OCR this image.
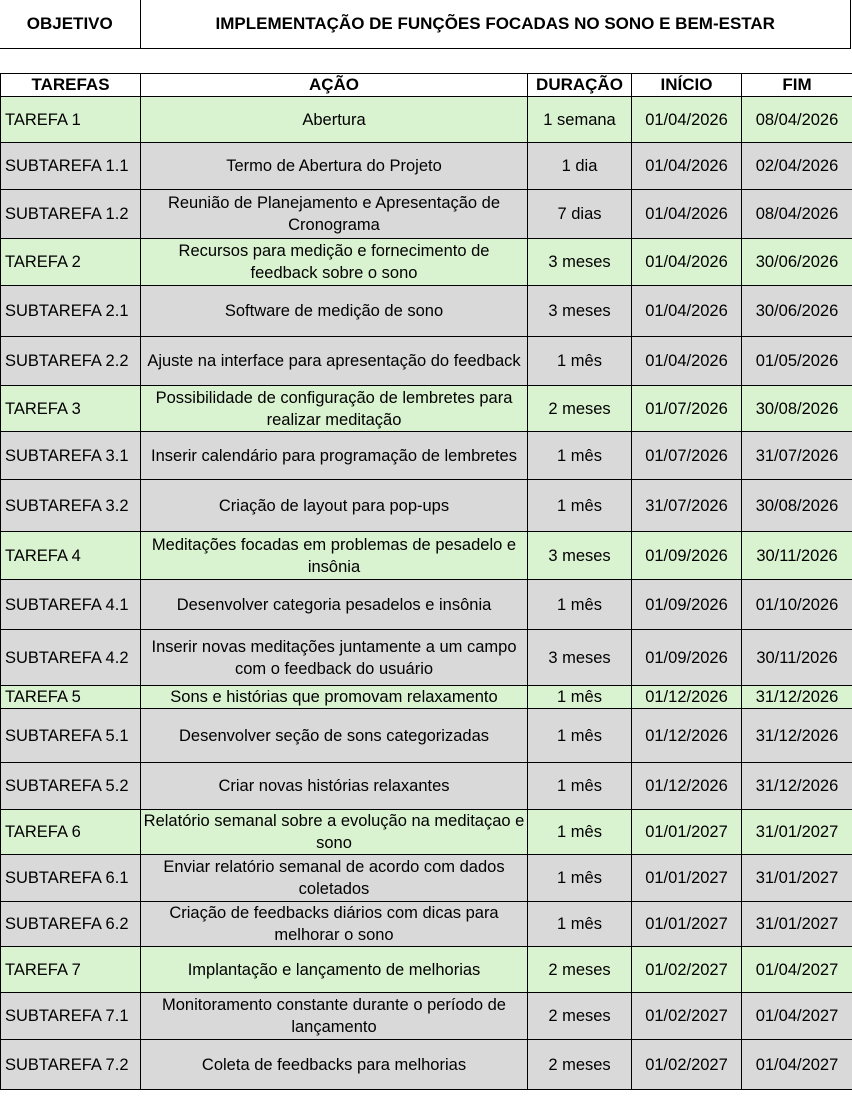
OBJETIVO	IMPLEMENTAÇÃO DE FUNÇÕES FOCADAS NO SONO E BEM-ESTAR
TAREFAS	AÇÃO	DURAÇÃO	INÍCIO	FIM
TAREFA 1	Abertura	1 semana	01/04/2026	08/04/2026
SUBTAREFA 1.1	Termo de Abertura do Projeto	1 dia	01/04/2026	02/04/2026
SUBTAREFA 1.2	Reunião de Planejamento e Apresentação de Cronograma	7 dias	01/04/2026	08/04/2026
TAREFA 2	Recursos para medição e fornecimento de feedback sobre o sono	3 meses	01/04/2026	30/06/2026
SUBTAREFA 2.1	Software de medição de sono	3 meses	01/04/2026	30/06/2026
SUBTAREFA 2.2	Ajuste na interface para apresentação do feedback	1 mês	01/04/2026	01/05/2026
TAREFA 3	Possibilidade de configuração de lembretes para realizar meditação	2 meses	01/07/2026	30/08/2026
SUBTAREFA 3.1	Inserir calendário para programação de lembretes	1 mês	01/07/2026	31/07/2026
SUBTAREFA 3.2	Criação de layout para pop-ups	1 mês	31/07/2026	30/08/2026
TAREFA 4	Meditações focadas em problemas de pesadelo e insônia	3 meses	01/09/2026	30/11/2026
SUBTAREFA 4.1	Desenvolver categoria pesadelos e insônia	1 mês	01/09/2026	01/10/2026
SUBTAREFA 4.2	Inserir novas meditações juntamente a um campo com o feedback do usuário	3 meses	01/09/2026	30/11/2026
TAREFA 5	Sons e histórias que promovam relaxamento	1 mês	01/12/2026	31/12/2026
SUBTAREFA 5.1	Desenvolver seção de sons categorizadas	1 mês	01/12/2026	31/12/2026
SUBTAREFA 5.2	Criar novas histórias relaxantes	1 mês	01/12/2026	31/12/2026
TAREFA 6	Relatório semanal sobre a evolução na meditaçao e sono	1 mês	01/01/2027	31/01/2027
SUBTAREFA 6.1	Enviar relatório semanal de acordo com dados coletados	1 mês	01/01/2027	31/01/2027
SUBTAREFA 6.2	Criação de feedbacks diários com dicas para melhorar o sono	1 mês	01/01/2027	31/01/2027
TAREFA 7	Implantação e lançamento de melhorias	2 meses	01/02/2027	01/04/2027
SUBTAREFA 7.1	Monitoramento constante durante o período de lançamento	2 meses	01/02/2027	01/04/2027
SUBTAREFA 7.2	Coleta de feedbacks para melhorias	2 meses	01/02/2027	01/04/2027
